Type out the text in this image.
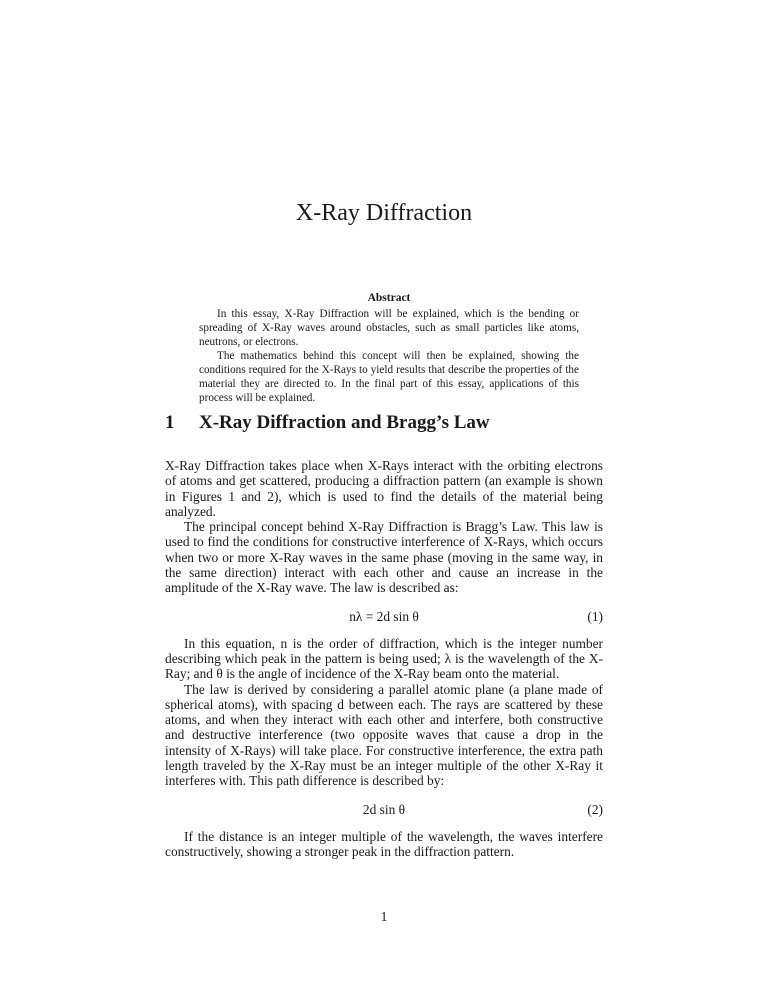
X-Ray Diffraction
Abstract

In this essay, X-Ray Diffraction will be explained, which is the bending or spreading of X-Ray waves around obstacles, such as small particles like atoms, neutrons, or electrons.

The mathematics behind this concept will then be explained, showing the conditions required for the X-Rays to yield results that describe the properties of the material they are directed to. In the final part of this essay, applications of this process will be explained.

1 X-Ray Diffraction and Bragg’s Law

X-Ray Diffraction takes place when X-Rays interact with the orbiting electrons of atoms and get scattered, producing a diffraction pattern (an example is shown in Figures 1 and 2), which is used to find the details of the material being analyzed.

The principal concept behind X-Ray Diffraction is Bragg’s Law. This law is used to find the conditions for constructive interference of X-Rays, which occurs when two or more X-Ray waves in the same phase (moving in the same way, in the same direction) interact with each other and cause an increase in the amplitude of the X-Ray wave. The law is described as:

nλ = 2d sin θ	(1)

In this equation, n is the order of diffraction, which is the integer number describing which peak in the pattern is being used; λ is the wavelength of the X-Ray; and θ is the angle of incidence of the X-Ray beam onto the material.

The law is derived by considering a parallel atomic plane (a plane made of spherical atoms), with spacing d between each. The rays are scattered by these atoms, and when they interact with each other and interfere, both constructive and destructive interference (two opposite waves that cause a drop in the intensity of X-Rays) will take place. For constructive interference, the extra path length traveled by the X-Ray must be an integer multiple of the other X-Ray it interferes with. This path difference is described by:

2d sin θ	(2)

If the distance is an integer multiple of the wavelength, the waves interfere constructively, showing a stronger peak in the diffraction pattern.

1
